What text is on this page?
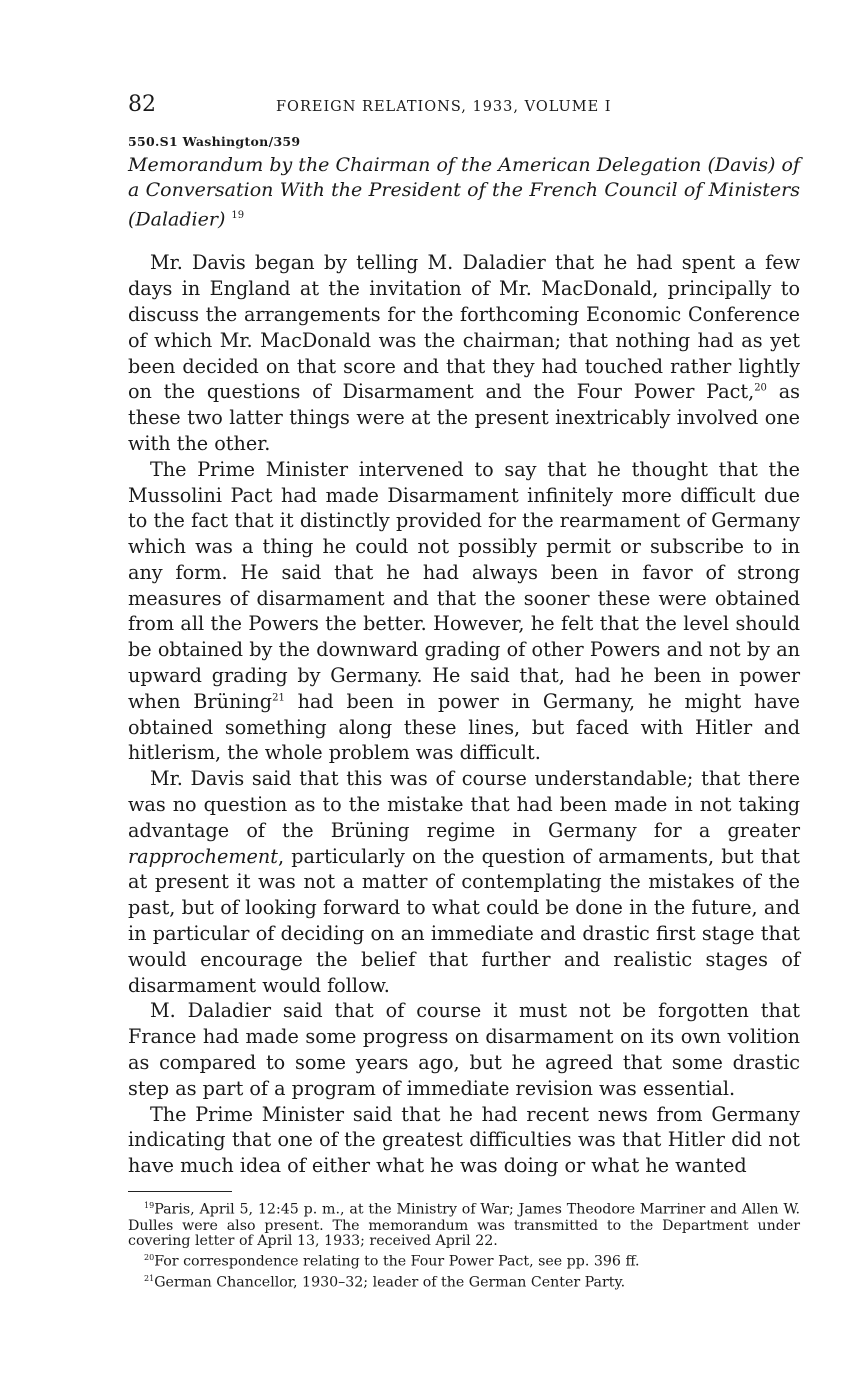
82	FOREIGN RELATIONS, 1933, VOLUME I
550.S1 Washington/359
Memorandum by the Chairman of the American Delegation (Davis) of a Conversation With the President of the French Council of Ministers (Daladier) $^{19}$

Mr. Davis began by telling M. Daladier that he had spent a few days in England at the invitation of Mr. MacDonald, principally to discuss the arrangements for the forthcoming Economic Conference of which Mr. MacDonald was the chairman; that nothing had as yet been decided on that score and that they had touched rather lightly on the questions of Disarmament and the Four Power Pact,$^{20}$ as these two latter things were at the present inextricably involved one with the other.

The Prime Minister intervened to say that he thought that the Mussolini Pact had made Disarmament infinitely more difficult due to the fact that it distinctly provided for the rearmament of Germany which was a thing he could not possibly permit or subscribe to in any form. He said that he had always been in favor of strong measures of disarmament and that the sooner these were obtained from all the Powers the better. However, he felt that the level should be obtained by the downward grading of other Powers and not by an upward grading by Germany. He said that, had he been in power when Brüning$^{21}$ had been in power in Germany, he might have obtained something along these lines, but faced with Hitler and hitlerism, the whole problem was difficult.

Mr. Davis said that this was of course understandable; that there was no question as to the mistake that had been made in not taking advantage of the Brüning regime in Germany for a greater rapprochement, particularly on the question of armaments, but that at present it was not a matter of contemplating the mistakes of the past, but of looking forward to what could be done in the future, and in particular of deciding on an immediate and drastic first stage that would encourage the belief that further and realistic stages of disarmament would follow.

M. Daladier said that of course it must not be forgotten that France had made some progress on disarmament on its own volition as compared to some years ago, but he agreed that some drastic step as part of a program of immediate revision was essential.

The Prime Minister said that he had recent news from Germany indicating that one of the greatest difficulties was that Hitler did not have much idea of either what he was doing or what he wanted

$^{19}$Paris, April 5, 12:45 p. m., at the Ministry of War; James Theodore Marriner and Allen W. Dulles were also present. The memorandum was transmitted to the Department under covering letter of April 13, 1933; received April 22.

$^{20}$For correspondence relating to the Four Power Pact, see pp. 396 ff.

$^{21}$German Chancellor, 1930–32; leader of the German Center Party.
